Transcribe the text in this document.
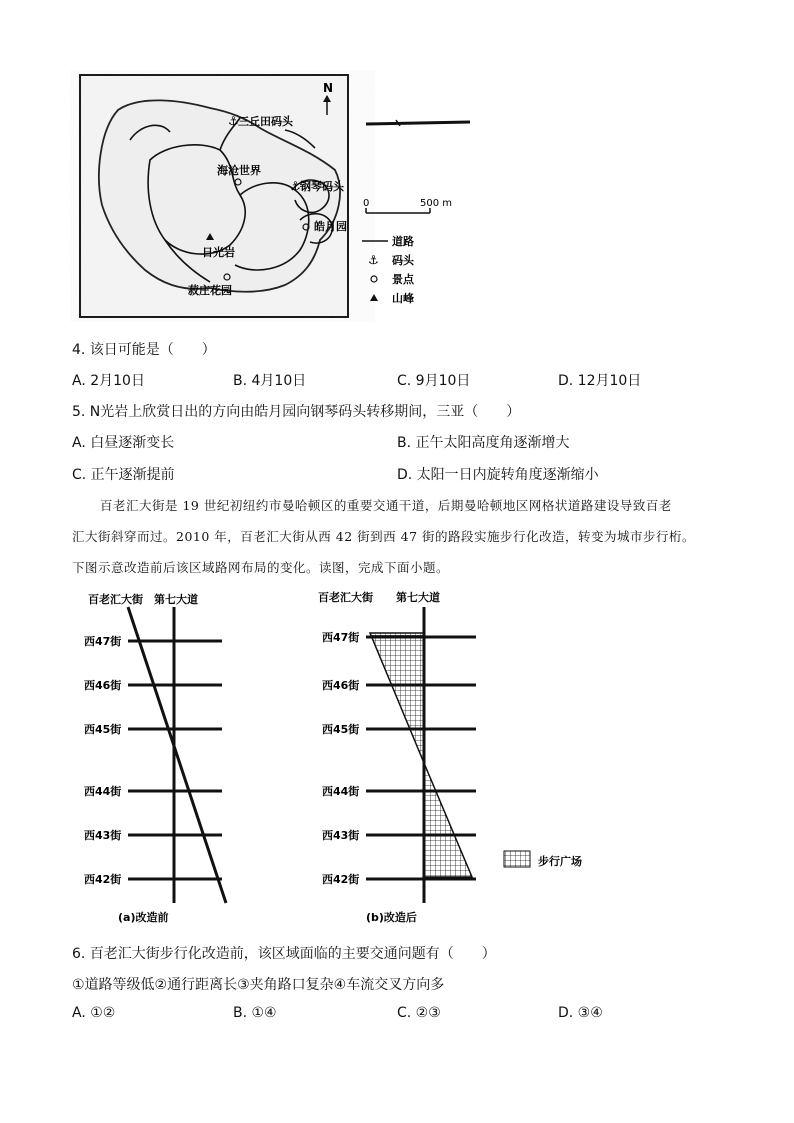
N
⚓ 三丘田码头
海沧世界
⚓ 钢琴码头
皓月园
日光岩
菽庄花园
0	500 m
道路
⚓ 码头
景点
山峰
4. 该日可能是（　　）
A. 2月10日	B. 4月10日	C. 9月10日	D. 12月10日
5. N光岩上欣赏日出的方向由皓月园向钢琴码头转移期间，三亚（　　）
A. 白昼逐渐变长	B. 正午太阳高度角逐渐增大
C. 正午逐渐提前	D. 太阳一日内旋转角度逐渐缩小
百老汇大街是 19 世纪初纽约市曼哈顿区的重要交通干道，后期曼哈顿地区网格状道路建设导致百老
汇大街斜穿而过。2010 年，百老汇大街从西 42 街到西 47 街的路段实施步行化改造，转变为城市步行桁。
下图示意改造前后该区域路网布局的变化。读图，完成下面小题。
百老汇大街 第七大道
西47街
西46街
西45街
西44街
西43街
西42街
(a)改造前
百老汇大街 第七大道
西47街
西46街
西45街
西44街
西43街
西42街
(b)改造后
步行广场
6. 百老汇大街步行化改造前，该区域面临的主要交通问题有（　　）
①道路等级低②通行距离长③夹角路口复杂④车流交叉方向多
A. ①②	B. ①④	C. ②③	D. ③④
